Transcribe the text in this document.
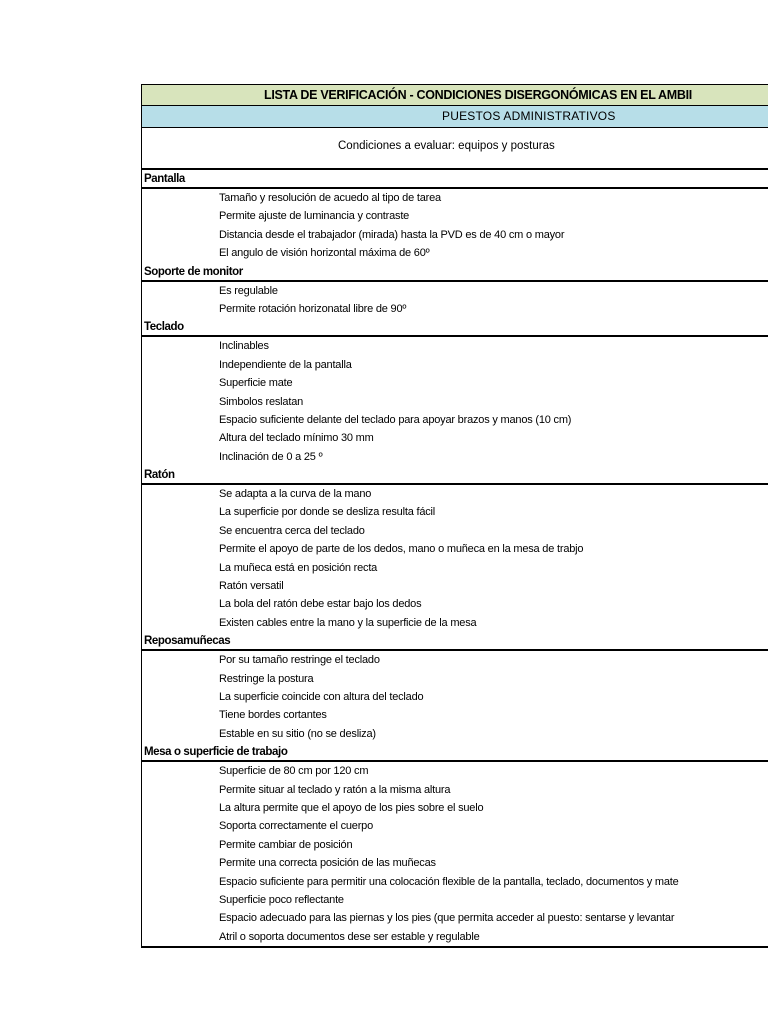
LISTA DE VERIFICACIÓN - CONDICIONES DISERGONÓMICAS EN EL AMBII
PUESTOS ADMINISTRATIVOS
Condiciones a evaluar: equipos y posturas
Pantalla
Tamaño y resolución de acuedo al tipo de tarea
Permite ajuste de luminancia y contraste
Distancia desde el trabajador (mirada) hasta la PVD es de 40 cm o mayor
El angulo de visión horizontal máxima de 60º
Soporte de monitor
Es regulable
Permite rotación horizonatal libre de 90º
Teclado
Inclinables
Independiente de la pantalla
Superficie mate
Simbolos reslatan
Espacio suficiente delante del teclado para apoyar brazos y manos (10 cm)
Altura del teclado mínimo 30 mm
Inclinación de 0 a 25 º
Ratón
Se adapta a la curva de la mano
La superficie por donde se desliza resulta fácil
Se encuentra cerca del teclado
Permite el apoyo de parte de los dedos, mano o muñeca en la mesa de trabjo
La muñeca está en posición recta
Ratón versatil
La bola del ratón debe estar bajo los dedos
Existen cables entre la mano y la superficie de la mesa
Reposamuñecas
Por su tamaño restringe el teclado
Restringe la postura
La superficie coincide con altura del teclado
Tiene bordes cortantes
Estable en su sitio (no se desliza)
Mesa o superficie de trabajo
Superficie de 80 cm por 120 cm
Permite situar al teclado y ratón a la misma altura
La altura permite que el apoyo de los pies sobre el suelo
Soporta correctamente el cuerpo
Permite cambiar de posición
Permite una correcta posición de las muñecas
Espacio suficiente para permitir una colocación flexible de la pantalla, teclado, documentos y mate
Superficie poco reflectante
Espacio adecuado para las piernas y los pies (que permita acceder al puesto: sentarse y levantar
Atril o soporta documentos dese ser estable y regulable
